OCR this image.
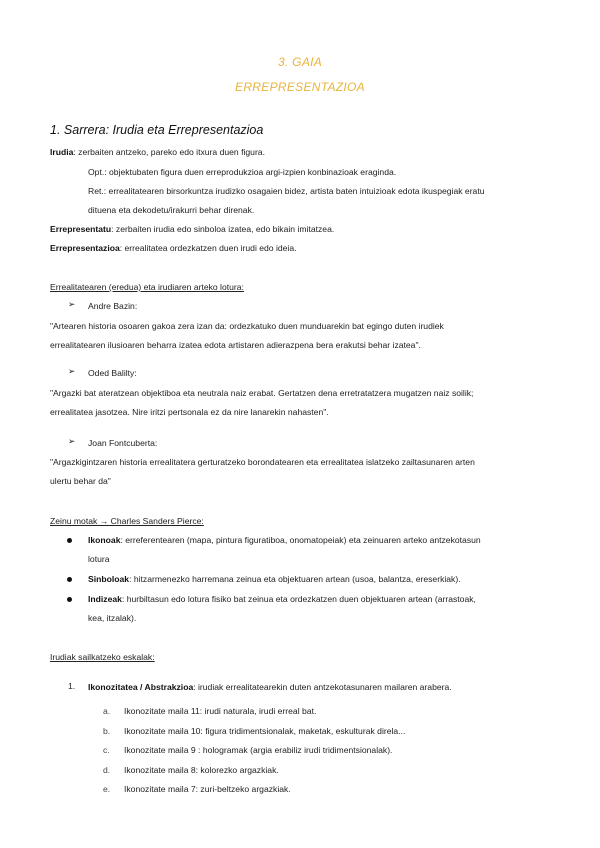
3. GAIA
ERREPRESENTAZIOA
1. Sarrera: Irudia eta Errepresentazioa
Irudia: zerbaiten antzeko, pareko edo itxura duen figura.
Opt.: objektubaten figura duen erreprodukzioa argi-izpien konbinazioak eraginda.
Ret.: errealitatearen birsorkuntza irudizko osagaien bidez, artista baten intuizioak edota ikuspegiak eratu
dituena eta dekodetu/irakurri behar direnak.
Errepresentatu: zerbaiten irudia edo sinboloa izatea, edo bikain imitatzea.
Errepresentazioa: errealitatea ordezkatzen duen irudi edo ideia.
Errealitatearen (eredua) eta irudiaren arteko lotura:
➢ Andre Bazin:
"Artearen historia osoaren gakoa zera izan da: ordezkatuko duen munduarekin bat egingo duten irudiek
errealitatearen ilusioaren beharra izatea edota artistaren adierazpena bera erakutsi behar izatea".
➢ Oded Balilty:
"Argazki bat ateratzean objektiboa eta neutrala naiz erabat. Gertatzen dena erretratatzera mugatzen naiz soilik;
errealitatea jasotzea. Nire iritzi pertsonala ez da nire lanarekin nahasten".
➢ Joan Fontcuberta:
"Argazkigintzaren historia errealitatera gerturatzeko borondatearen eta errealitatea islatzeko zailtasunaren arten
ulertu behar da"
Zeinu motak → Charles Sanders Pierce:
Ikonoak: erreferentearen (mapa, pintura figuratiboa, onomatopeiak) eta zeinuaren arteko antzekotasun
lotura
Sinboloak: hitzarmenezko harremana zeinua eta objektuaren artean (usoa, balantza, ereserkiak).
Indizeak: hurbiltasun edo lotura fisiko bat zeinua eta ordezkatzen duen objektuaren artean (arrastoak,
kea, itzalak).
Irudiak sailkatzeko eskalak:
1. Ikonozitatea / Abstrakzioa: irudiak errealitatearekin duten antzekotasunaren mailaren arabera.
a. Ikonozitate maila 11: irudi naturala, irudi erreal bat.
b. Ikonozitate maila 10: figura tridimentsionalak, maketak, eskulturak direla...
c. Ikonozitate maila 9 : hologramak (argia erabiliz irudi tridimentsionalak).
d. Ikonozitate maila 8: kolorezko argazkiak.
e. Ikonozitate maila 7: zuri-beltzeko argazkiak.
